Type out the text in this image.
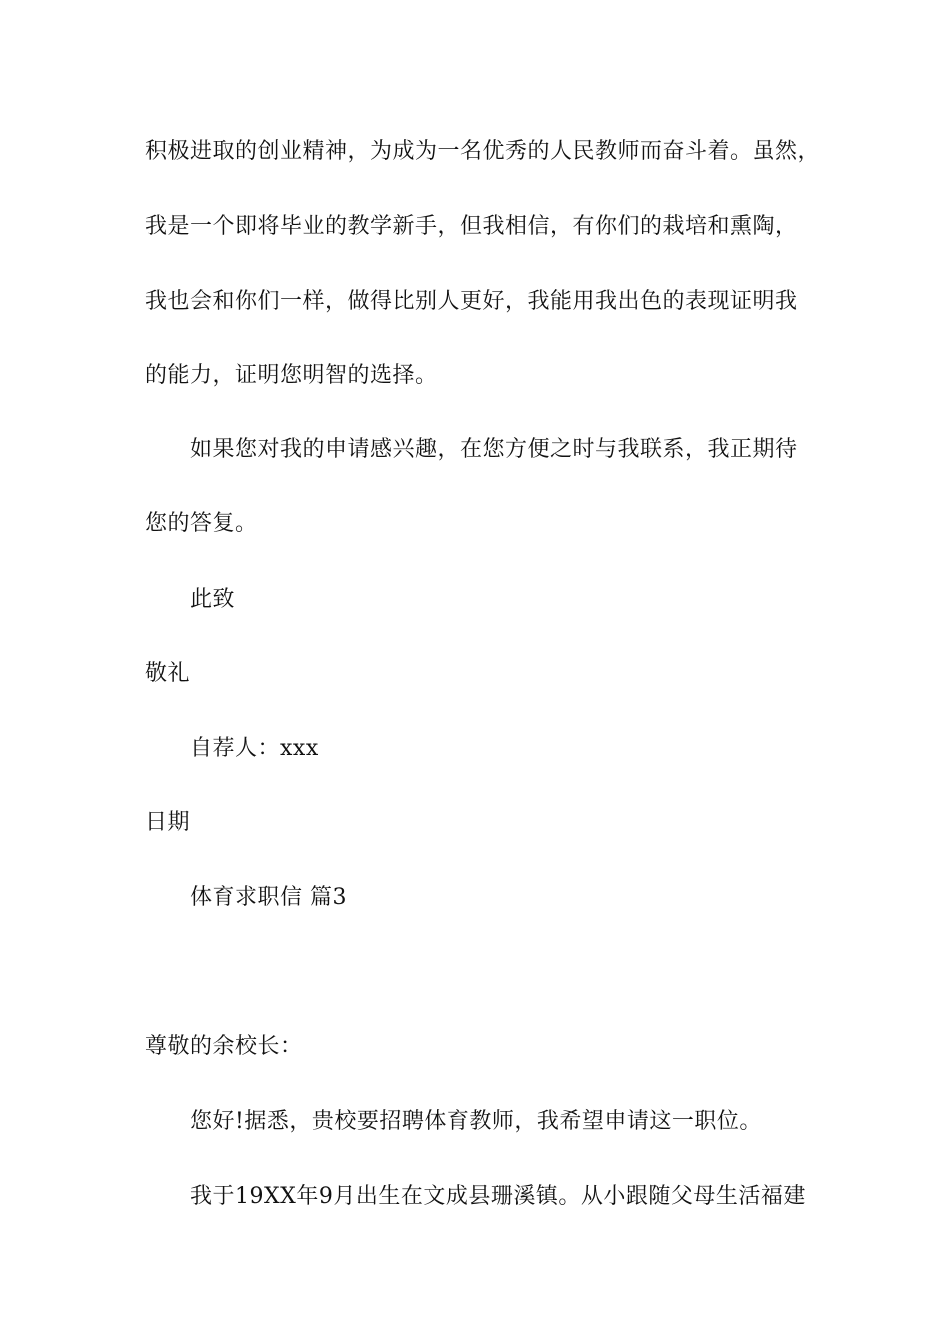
积极进取的创业精神，为成为一名优秀的人民教师而奋斗着。虽然，
我是一个即将毕业的教学新手，但我相信，有你们的栽培和熏陶，
我也会和你们一样，做得比别人更好，我能用我出色的表现证明我
的能力，证明您明智的选择。
如果您对我的申请感兴趣，在您方便之时与我联系，我正期待
您的答复。
此致
敬礼
自荐人：xxx
日期
体育求职信 篇3
尊敬的余校长：
您好!据悉，贵校要招聘体育教师，我希望申请这一职位。
我于19XX年9月出生在文成县珊溪镇。从小跟随父母生活福建
